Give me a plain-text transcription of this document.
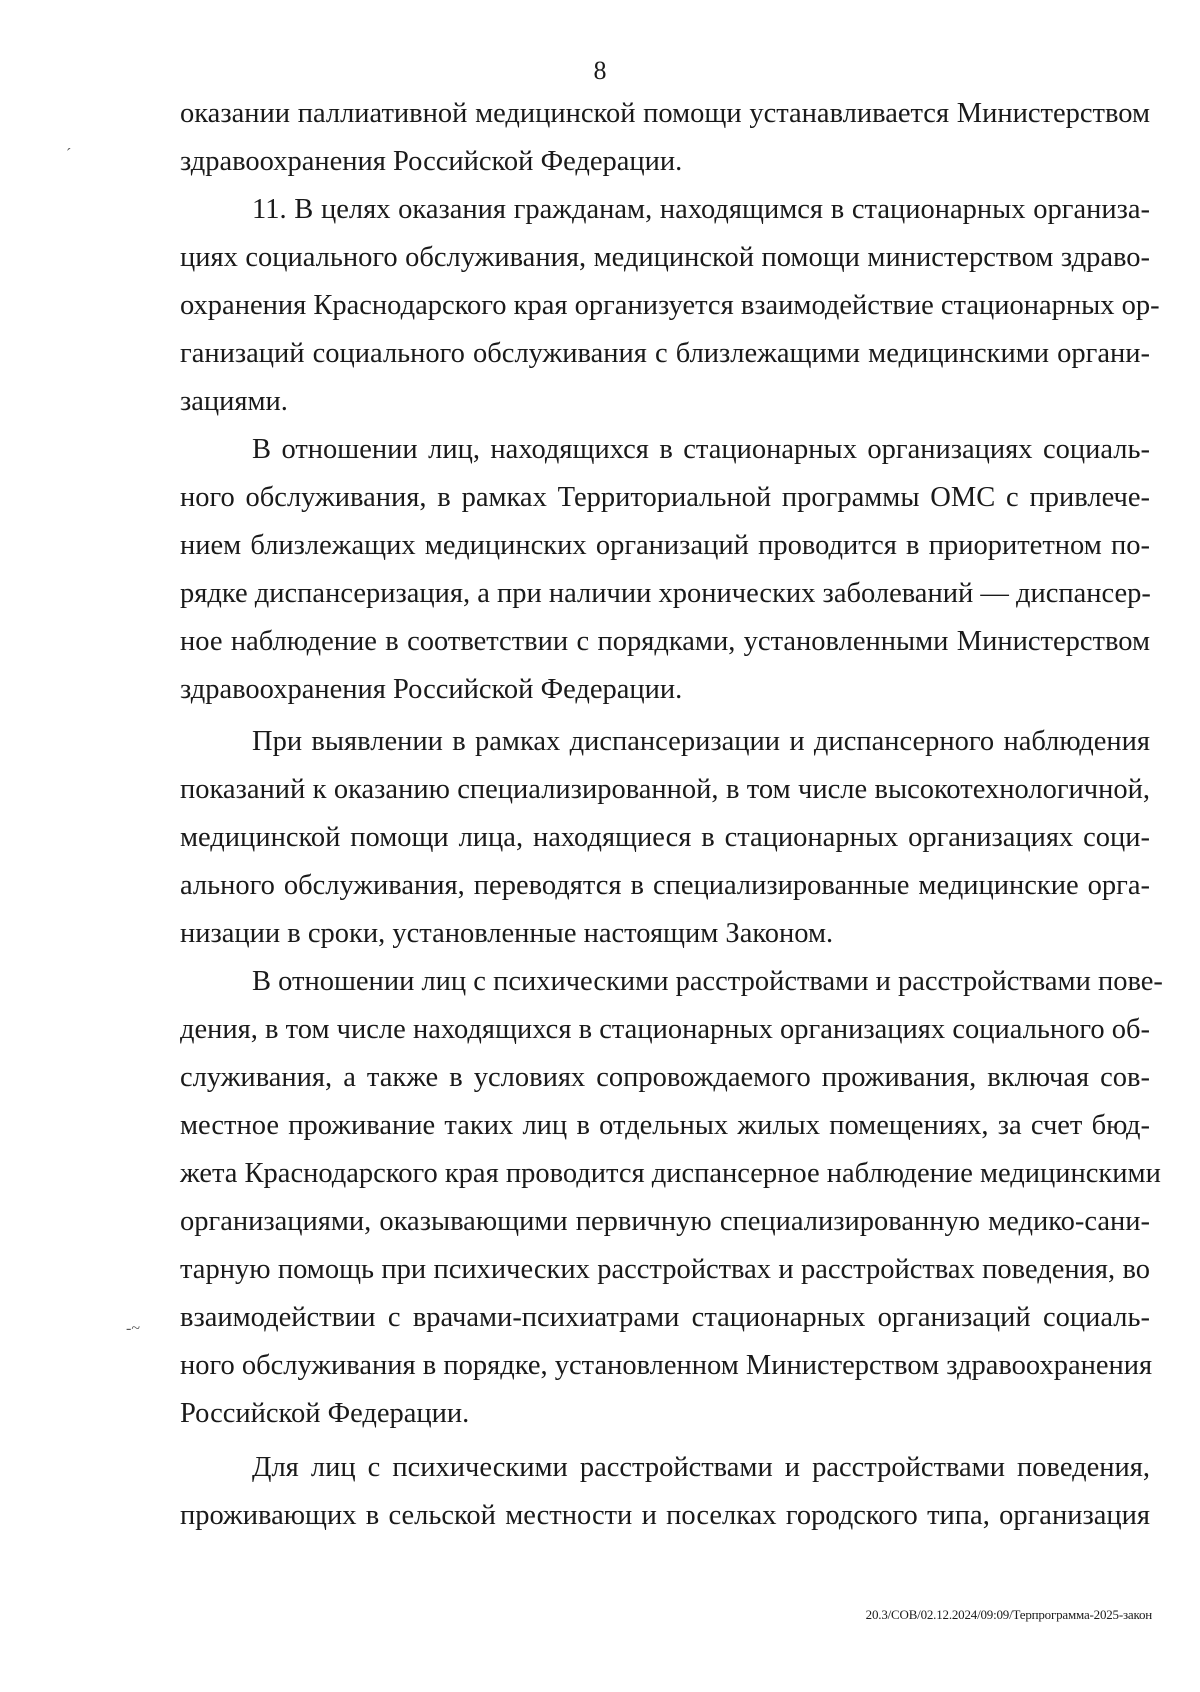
8
оказании паллиативной медицинской помощи устанавливается Министерством
здравоохранения Российской Федерации.
11. В целях оказания гражданам, находящимся в стационарных организа-
циях социального обслуживания, медицинской помощи министерством здраво-
охранения Краснодарского края организуется взаимодействие стационарных ор-
ганизаций социального обслуживания с близлежащими медицинскими органи-
зациями.
В отношении лиц, находящихся в стационарных организациях социаль-
ного обслуживания, в рамках Территориальной программы ОМС с привлече-
нием близлежащих медицинских организаций проводится в приоритетном по-
рядке диспансеризация, а при наличии хронических заболеваний — диспансер-
ное наблюдение в соответствии с порядками, установленными Министерством
здравоохранения Российской Федерации.
При выявлении в рамках диспансеризации и диспансерного наблюдения
показаний к оказанию специализированной, в том числе высокотехнологичной,
медицинской помощи лица, находящиеся в стационарных организациях соци-
ального обслуживания, переводятся в специализированные медицинские орга-
низации в сроки, установленные настоящим Законом.
В отношении лиц с психическими расстройствами и расстройствами пове-
дения, в том числе находящихся в стационарных организациях социального об-
служивания, а также в условиях сопровождаемого проживания, включая сов-
местное проживание таких лиц в отдельных жилых помещениях, за счет бюд-
жета Краснодарского края проводится диспансерное наблюдение медицинскими
организациями, оказывающими первичную специализированную медико-сани-
тарную помощь при психических расстройствах и расстройствах поведения, во
взаимодействии с врачами-психиатрами стационарных организаций социаль-
ного обслуживания в порядке, установленном Министерством здравоохранения
Российской Федерации.
Для лиц с психическими расстройствами и расстройствами поведения,
проживающих в сельской местности и поселках городского типа, организация
20.3/СОВ/02.12.2024/09:09/Терпрограмма-2025-закон
ˊ
-~
